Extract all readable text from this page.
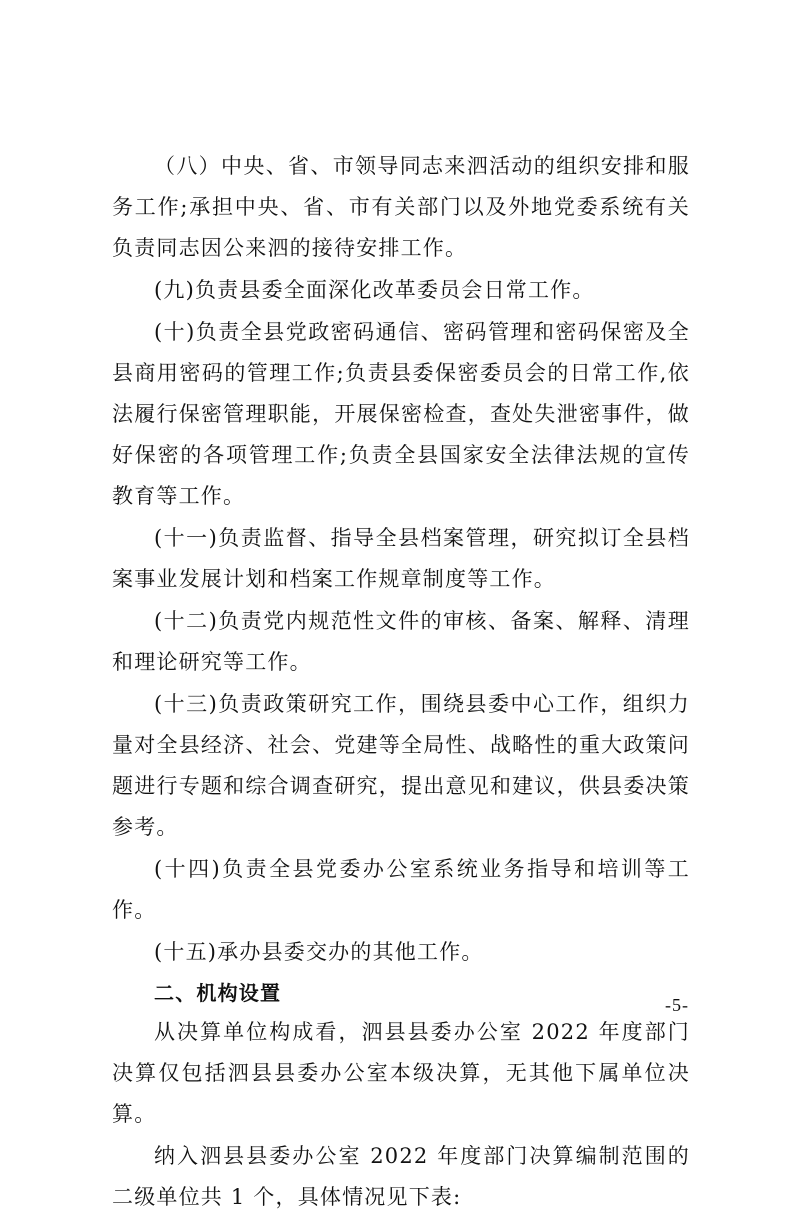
（八）中央、省、市领导同志来泗活动的组织安排和服务工作;承担中央、省、市有关部门以及外地党委系统有关负责同志因公来泗的接待安排工作。

(九)负责县委全面深化改革委员会日常工作。

(十)负责全县党政密码通信、密码管理和密码保密及全县商用密码的管理工作;负责县委保密委员会的日常工作,依法履行保密管理职能，开展保密检查，查处失泄密事件，做好保密的各项管理工作;负责全县国家安全法律法规的宣传教育等工作。

(十一)负责监督、指导全县档案管理，研究拟订全县档案事业发展计划和档案工作规章制度等工作。

(十二)负责党内规范性文件的审核、备案、解释、清理和理论研究等工作。

(十三)负责政策研究工作，围绕县委中心工作，组织力量对全县经济、社会、党建等全局性、战略性的重大政策问题进行专题和综合调查研究，提出意见和建议，供县委决策参考。

(十四)负责全县党委办公室系统业务指导和培训等工作。

(十五)承办县委交办的其他工作。

二、机构设置

从决算单位构成看，泗县县委办公室 2022 年度部门决算仅包括泗县县委办公室本级决算，无其他下属单位决算。

纳入泗县县委办公室 2022 年度部门决算编制范围的二级单位共 1 个，具体情况见下表:

-5-
